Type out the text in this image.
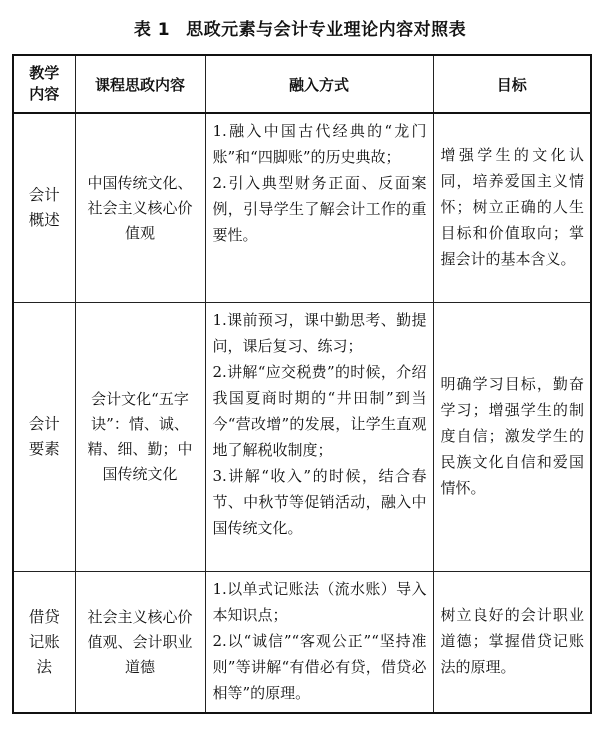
表 1 思政元素与会计专业理论内容对照表
教学
内容	课程思政内容	融入方式	目标

会计
概述	中国传统文化、社会主义核心价值观	1.融入中国古代经典的“龙门账”和“四脚账”的历史典故；
2.引入典型财务正面、反面案例，引导学生了解会计工作的重要性。	增强学生的文化认同，培养爱国主义情怀；树立正确的人生目标和价值取向；掌握会计的基本含义。

会计
要素	会计文化“五字诀”：情、诚、精、细、勤；中国传统文化	1.课前预习，课中勤思考、勤提问，课后复习、练习；
2.讲解“应交税费”的时候，介绍我国夏商时期的“井田制”到当今“营改增”的发展，让学生直观地了解税收制度；
3.讲解“收入”的时候，结合春节、中秋节等促销活动，融入中国传统文化。	明确学习目标，勤奋学习；增强学生的制度自信；激发学生的民族文化自信和爱国情怀。

借贷
记账
法	社会主义核心价值观、会计职业道德	1.以单式记账法（流水账）导入本知识点；
2.以“诚信”“客观公正”“坚持准则”等讲解“有借必有贷，借贷必相等”的原理。	树立良好的会计职业道德；掌握借贷记账法的原理。
